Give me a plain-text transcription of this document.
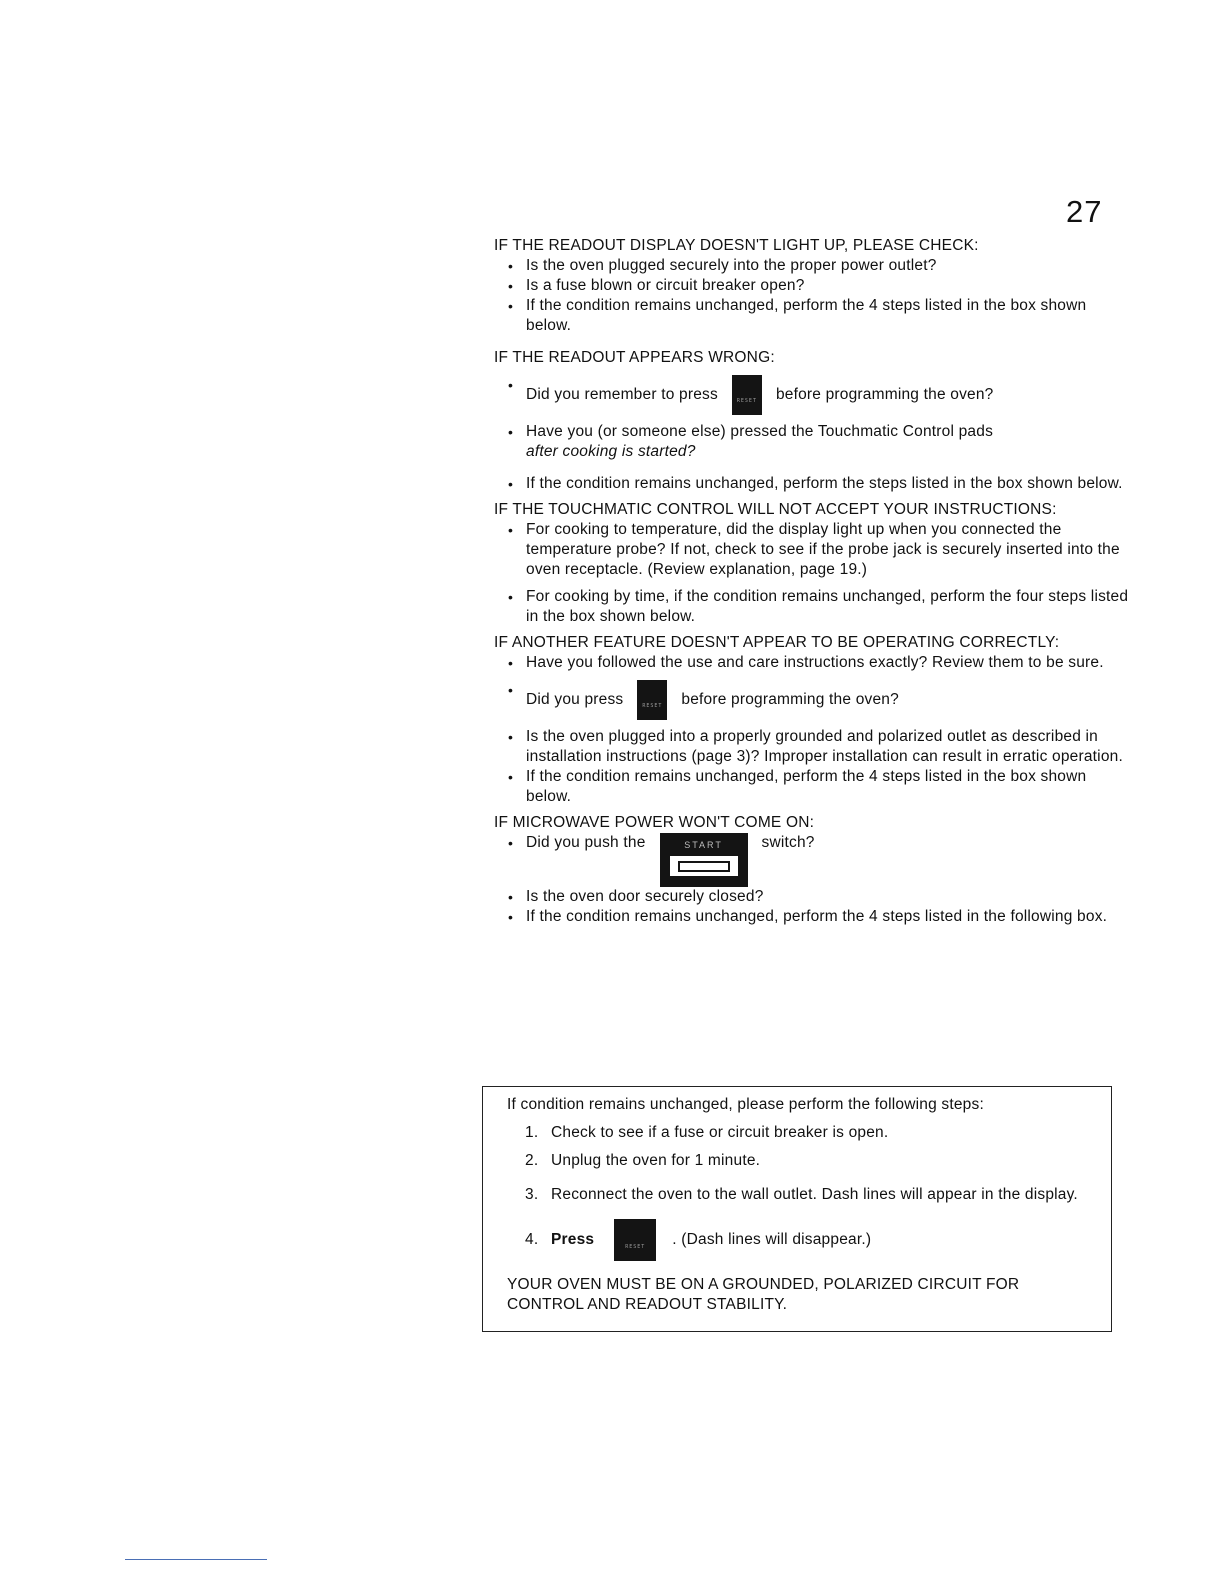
27

IF THE READOUT DISPLAY DOESN'T LIGHT UP, PLEASE CHECK:

• Is the oven plugged securely into the proper power outlet?
• Is a fuse blown or circuit breaker open?
• If the condition remains unchanged, perform the 4 steps listed in the box shown below.

IF THE READOUT APPEARS WRONG:

• Did you remember to press	RESET	before programming the oven?
• Have you (or someone else) pressed the Touchmatic Control pads
after cooking is started?
• If the condition remains unchanged, perform the steps listed in the box shown below.

IF THE TOUCHMATIC CONTROL WILL NOT ACCEPT YOUR INSTRUCTIONS:

• For cooking to temperature, did the display light up when you connected the temperature probe? If not, check to see if the probe jack is securely inserted into the oven receptacle. (Review explanation, page 19.)
• For cooking by time, if the condition remains unchanged, perform the four steps listed in the box shown below.

IF ANOTHER FEATURE DOESN'T APPEAR TO BE OPERATING CORRECTLY:

• Have you followed the use and care instructions exactly? Review them to be sure.
• Did you press	RESET	before programming the oven?
• Is the oven plugged into a properly grounded and polarized outlet as described in installation instructions (page 3)? Improper installation can result in erratic operation.
• If the condition remains unchanged, perform the 4 steps listed in the box shown below.

IF MICROWAVE POWER WON'T COME ON:

• Did you push the	START	switch?
• Is the oven door securely closed?
• If the condition remains unchanged, perform the 4 steps listed in the following box.
If condition remains unchanged, please perform the following steps:
1. Check to see if a fuse or circuit breaker is open.
2. Unplug the oven for 1 minute.
3. Reconnect the oven to the wall outlet. Dash lines will appear in the display.
4. Press	RESET	. (Dash lines will disappear.)
YOUR OVEN MUST BE ON A GROUNDED, POLARIZED CIRCUIT FOR CONTROL AND READOUT STABILITY.
